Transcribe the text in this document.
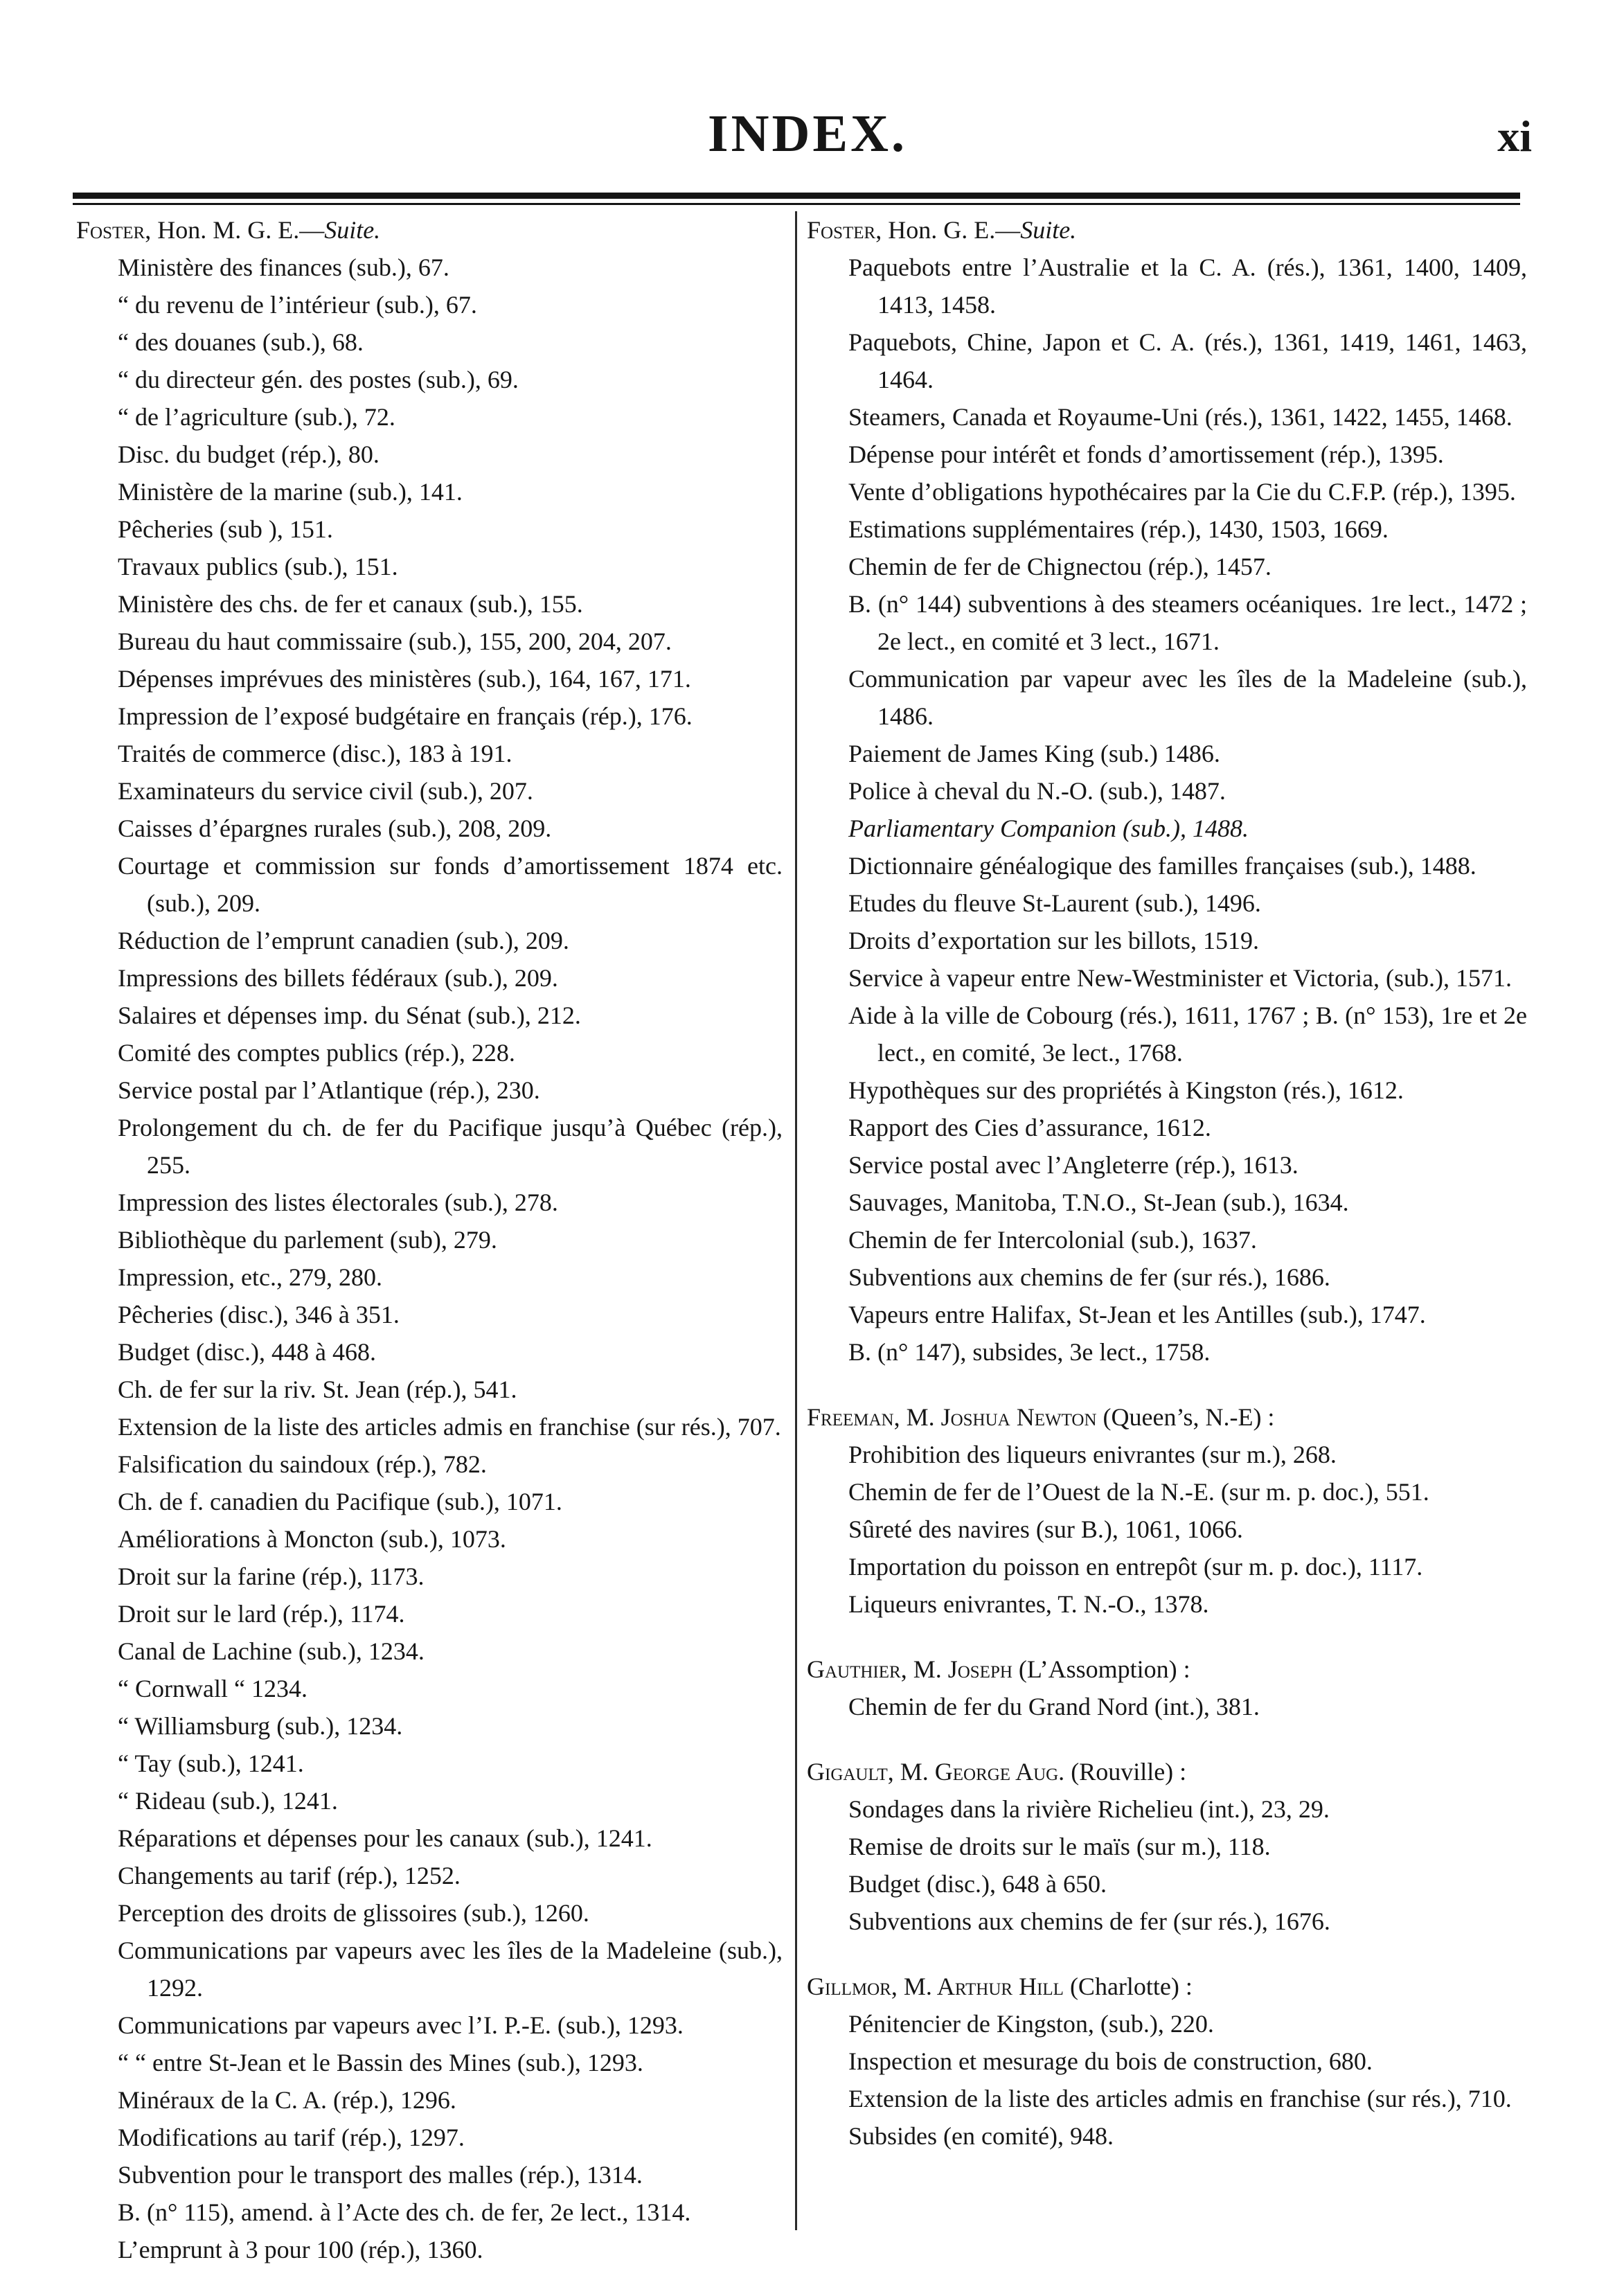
INDEX.	xi
Foster, Hon. M. G. E.—Suite.
Ministère des finances (sub.), 67.
“ du revenu de l’intérieur (sub.), 67.
“ des douanes (sub.), 68.
“ du directeur gén. des postes (sub.), 69.
“ de l’agriculture (sub.), 72.
Disc. du budget (rép.), 80.
Ministère de la marine (sub.), 141.
Pêcheries (sub ), 151.
Travaux publics (sub.), 151.
Ministère des chs. de fer et canaux (sub.), 155.
Bureau du haut commissaire (sub.), 155, 200, 204, 207.
Dépenses imprévues des ministères (sub.), 164, 167, 171.
Impression de l’exposé budgétaire en français (rép.), 176.
Traités de commerce (disc.), 183 à 191.
Examinateurs du service civil (sub.), 207.
Caisses d’épargnes rurales (sub.), 208, 209.
Courtage et commission sur fonds d’amortissement 1874 etc. (sub.), 209.
Réduction de l’emprunt canadien (sub.), 209.
Impressions des billets fédéraux (sub.), 209.
Salaires et dépenses imp. du Sénat (sub.), 212.
Comité des comptes publics (rép.), 228.
Service postal par l’Atlantique (rép.), 230.
Prolongement du ch. de fer du Pacifique jusqu’à Québec (rép.), 255.
Impression des listes électorales (sub.), 278.
Bibliothèque du parlement (sub), 279.
Impression, etc., 279, 280.
Pêcheries (disc.), 346 à 351.
Budget (disc.), 448 à 468.
Ch. de fer sur la riv. St. Jean (rép.), 541.
Extension de la liste des articles admis en franchise (sur rés.), 707.
Falsification du saindoux (rép.), 782.
Ch. de f. canadien du Pacifique (sub.), 1071.
Améliorations à Moncton (sub.), 1073.
Droit sur la farine (rép.), 1173.
Droit sur le lard (rép.), 1174.
Canal de Lachine (sub.), 1234.
“ Cornwall “ 1234.
“ Williamsburg (sub.), 1234.
“ Tay (sub.), 1241.
“ Rideau (sub.), 1241.
Réparations et dépenses pour les canaux (sub.), 1241.
Changements au tarif (rép.), 1252.
Perception des droits de glissoires (sub.), 1260.
Communications par vapeurs avec les îles de la Madeleine (sub.), 1292.
Communications par vapeurs avec l’I. P.-E. (sub.), 1293.
“ “ entre St-Jean et le Bassin des Mines (sub.), 1293.
Minéraux de la C. A. (rép.), 1296.
Modifications au tarif (rép.), 1297.
Subvention pour le transport des malles (rép.), 1314.
B. (n° 115), amend. à l’Acte des ch. de fer, 2e lect., 1314.
L’emprunt à 3 pour 100 (rép.), 1360.
Foster, Hon. G. E.—Suite.
Paquebots entre l’Australie et la C. A. (rés.), 1361, 1400, 1409, 1413, 1458.
Paquebots, Chine, Japon et C. A. (rés.), 1361, 1419, 1461, 1463, 1464.
Steamers, Canada et Royaume-Uni (rés.), 1361, 1422, 1455, 1468.
Dépense pour intérêt et fonds d’amortissement (rép.), 1395.
Vente d’obligations hypothécaires par la Cie du C.F.P. (rép.), 1395.
Estimations supplémentaires (rép.), 1430, 1503, 1669.
Chemin de fer de Chignectou (rép.), 1457.
B. (n° 144) subventions à des steamers océaniques. 1re lect., 1472 ; 2e lect., en comité et 3 lect., 1671.
Communication par vapeur avec les îles de la Madeleine (sub.), 1486.
Paiement de James King (sub.) 1486.
Police à cheval du N.-O. (sub.), 1487.
Parliamentary Companion (sub.), 1488.
Dictionnaire généalogique des familles françaises (sub.), 1488.
Etudes du fleuve St-Laurent (sub.), 1496.
Droits d’exportation sur les billots, 1519.
Service à vapeur entre New-Westminister et Victoria, (sub.), 1571.
Aide à la ville de Cobourg (rés.), 1611, 1767 ; B. (n° 153), 1re et 2e lect., en comité, 3e lect., 1768.
Hypothèques sur des propriétés à Kingston (rés.), 1612.
Rapport des Cies d’assurance, 1612.
Service postal avec l’Angleterre (rép.), 1613.
Sauvages, Manitoba, T.N.O., St-Jean (sub.), 1634.
Chemin de fer Intercolonial (sub.), 1637.
Subventions aux chemins de fer (sur rés.), 1686.
Vapeurs entre Halifax, St-Jean et les Antilles (sub.), 1747.
B. (n° 147), subsides, 3e lect., 1758.
Freeman, M. Joshua Newton (Queen’s, N.-E) :
Prohibition des liqueurs enivrantes (sur m.), 268.
Chemin de fer de l’Ouest de la N.-E. (sur m. p. doc.), 551.
Sûreté des navires (sur B.), 1061, 1066.
Importation du poisson en entrepôt (sur m. p. doc.), 1117.
Liqueurs enivrantes, T. N.-O., 1378.
Gauthier, M. Joseph (L’Assomption) :
Chemin de fer du Grand Nord (int.), 381.
Gigault, M. George Aug. (Rouville) :
Sondages dans la rivière Richelieu (int.), 23, 29.
Remise de droits sur le maïs (sur m.), 118.
Budget (disc.), 648 à 650.
Subventions aux chemins de fer (sur rés.), 1676.
Gillmor, M. Arthur Hill (Charlotte) :
Pénitencier de Kingston, (sub.), 220.
Inspection et mesurage du bois de construction, 680.
Extension de la liste des articles admis en franchise (sur rés.), 710.
Subsides (en comité), 948.
